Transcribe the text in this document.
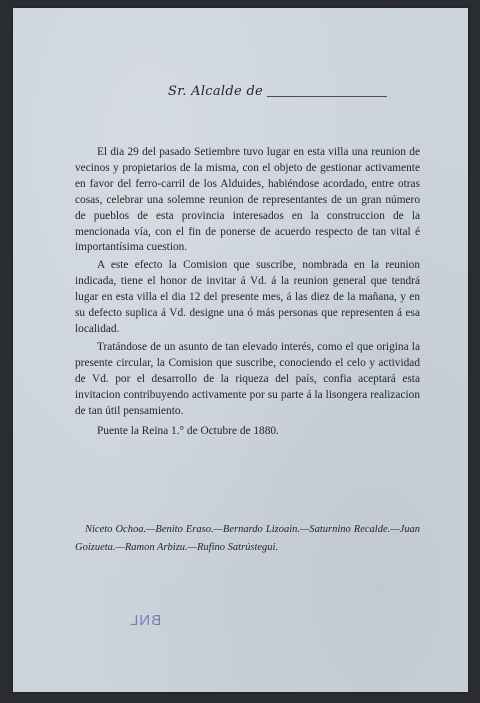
Sr. Alcalde de

El dia 29 del pasado Setiembre tuvo lugar en esta villa una reunion de vecinos y propietarios de la misma, con el objeto de gestionar activamente en favor del ferro-carril de los Alduides, habiéndose acordado, entre otras cosas, celebrar una solemne reunion de representantes de un gran número de pueblos de esta provincia interesados en la construccion de la mencionada vía, con el fin de ponerse de acuerdo respecto de tan vital é importantísima cuestion.

A este efecto la Comision que suscribe, nombrada en la reunion indicada, tiene el honor de invitar á Vd. á la reunion general que tendrá lugar en esta villa el dia 12 del presente mes, á las diez de la mañana, y en su defecto suplica á Vd. designe una ó más personas que representen á esa localidad.

Tratándose de un asunto de tan elevado interés, como el que origina la presente circular, la Comision que suscribe, conociendo el celo y actividad de Vd. por el desarrollo de la riqueza del país, confia aceptará esta invitacion contribuyendo activamente por su parte á la lisongera realizacion de tan útil pensamiento.

Puente la Reina 1.° de Octubre de 1880.

Niceto Ochoa.—Benito Eraso.—Bernardo Lizoain.—Saturnino Recalde.—Juan Goizueta.—Ramon Arbizu.—Rufino Satrústegui.
BNL
